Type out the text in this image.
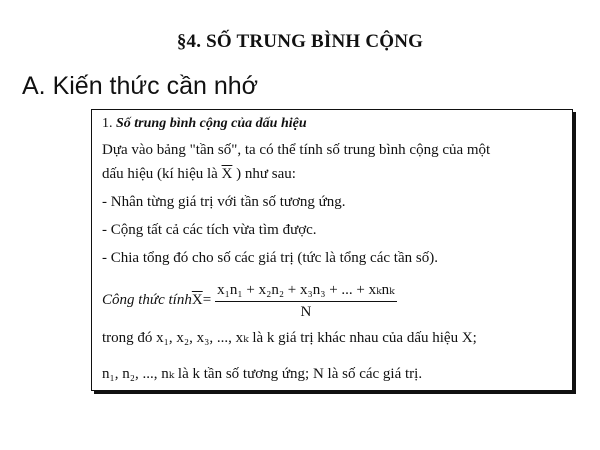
§4. SỐ TRUNG BÌNH CỘNG
A. Kiến thức cần nhớ
1. Số trung bình cộng của dấu hiệu
Dựa vào bảng "tần số", ta có thể tính số trung bình cộng của một
dấu hiệu (kí hiệu là $\overline{X}$ ) như sau:
- Nhân từng giá trị với tần số tương ứng.
- Cộng tất cả các tích vừa tìm được.
- Chia tổng đó cho số các giá trị (tức là tổng các tần số).
Công thức tính $\overline{X} = \frac{\text{x₁n₁ + x₂n₂ + x₃n₃ + ... + xₖnₖ}}{N}$
trong đó x₁, x₂, x₃, ..., xₖ là k giá trị khác nhau của dấu hiệu X;
n₁, n₂, ..., nₖ là k tần số tương ứng; N là số các giá trị.
